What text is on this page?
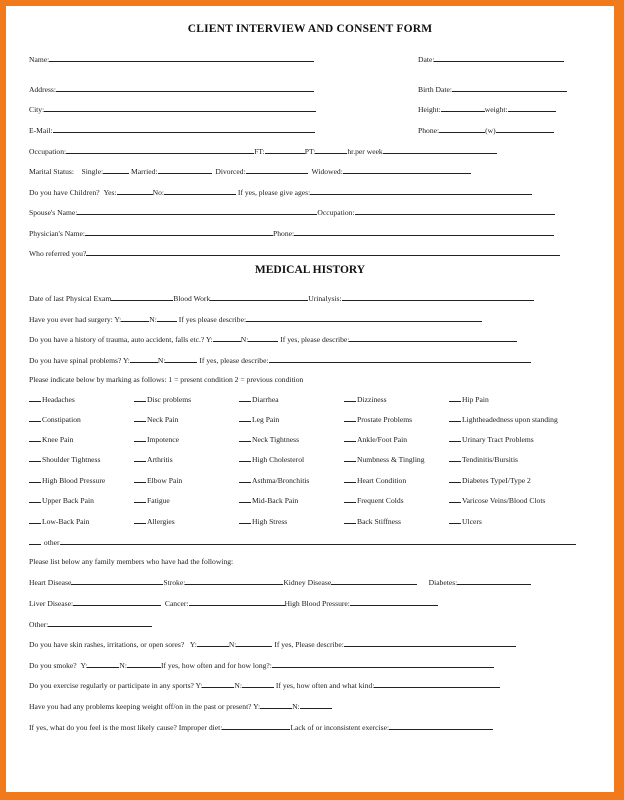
CLIENT INTERVIEW AND CONSENT FORM
Name:	Date:
Address:	Birth Date:
City:	Height:	weight:
E-Mail:	Phone:	(w)
Occupation:	FT:	PT:	hr.per week
Marital Status: Single:	Married:	Divorced:	Widowed:
Do you have Children? Yes:	No:	If yes, please give ages:
Spouse's Name:	Occupation:
Physician's Name:	Phone:
Who referred you?
MEDICAL HISTORY
Date of last Physical Exam	Blood Work	Urinalysis:
Have you ever had surgery: Y:	N:	If yes please describe:
Do you have a history of trauma, auto accident, falls etc.? Y:	N:	If yes, please describe:
Do you have spinal problems? Y:	N:	If yes, please describe:
Please indicate below by marking as follows: 1 = present condition 2 = previous condition
Headaches	Disc problems	Diarrhea	Dizziness	Hip Pain
Constipation	Neck Pain	Leg Pain	Prostate Problems	Lightheadedness upon standing
Knee Pain	Impotence	Neck Tightness	Ankle/Foot Pain	Urinary Tract Problems
Shoulder Tightness	Arthritis	High Cholesterol	Numbness & Tingling	Tendinitis/Bursitis
High Blood Pressure	Elbow Pain	Asthma/Bronchitis	Heart Condition	Diabetes TypeI/Type 2
Upper Back Pain	Fatigue	Mid-Back Pain	Frequent Colds	Varicose Veins/Blood Clots
Low-Back Pain	Allergies	High Stress	Back Stiffness	Ulcers
other
Please list below any family members who have had the following:
Heart Disease	Stroke:	Kidney Disease	Diabetes:
Liver Disease:	Cancer:	High Blood Pressure:
Other:
Do you have skin rashes, irritations, or open sores? Y:	N:	If yes, Please describe:
Do you smoke? Y:	N:	If yes, how often and for how long?:
Do you exercise regularly or participate in any sports? Y:	N:	If yes, how often and what kind:
Have you had any problems keeping weight off/on in the past or present? Y:	N:
If yes, what do you feel is the most likely cause? Improper diet:	Lack of or inconsistent exercise:
